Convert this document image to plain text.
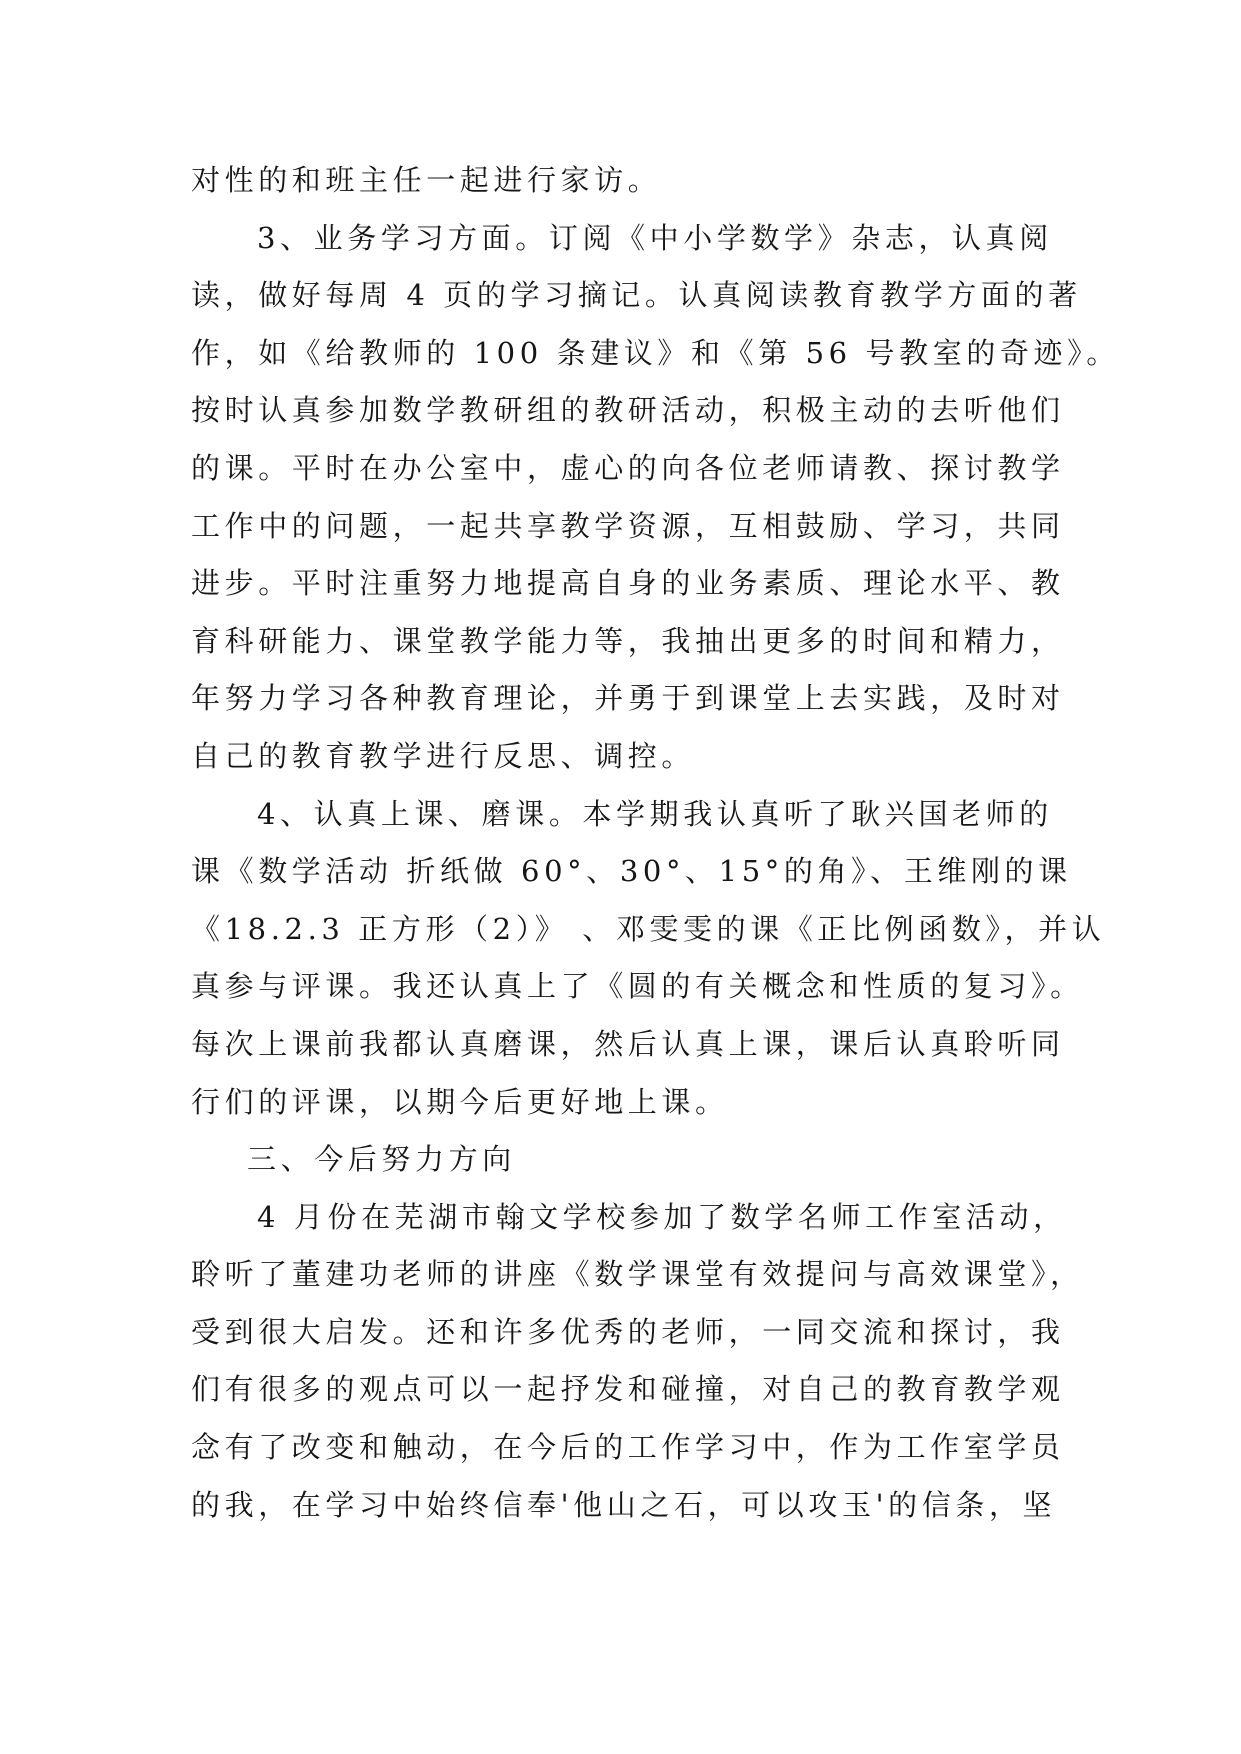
对性的和班主任一起进行家访。
3、业务学习方面。订阅《中小学数学》杂志，认真阅
读，做好每周 4 页的学习摘记。认真阅读教育教学方面的著
作，如《给教师的 100 条建议》和《第 56 号教室的奇迹》。
按时认真参加数学教研组的教研活动，积极主动的去听他们
的课。平时在办公室中，虚心的向各位老师请教、探讨教学
工作中的问题，一起共享教学资源，互相鼓励、学习，共同
进步。平时注重努力地提高自身的业务素质、理论水平、教
育科研能力、课堂教学能力等，我抽出更多的时间和精力，
年努力学习各种教育理论，并勇于到课堂上去实践，及时对
自己的教育教学进行反思、调控。
4、认真上课、磨课。本学期我认真听了耿兴国老师的
课《数学活动 折纸做 60°、30°、15°的角》、王维刚的课
《18.2.3 正方形（2）》 、邓雯雯的课《正比例函数》，并认
真参与评课。我还认真上了《圆的有关概念和性质的复习》。
每次上课前我都认真磨课，然后认真上课，课后认真聆听同
行们的评课，以期今后更好地上课。
三、今后努力方向
4 月份在芜湖市翰文学校参加了数学名师工作室活动，
聆听了董建功老师的讲座《数学课堂有效提问与高效课堂》，
受到很大启发。还和许多优秀的老师，一同交流和探讨，我
们有很多的观点可以一起抒发和碰撞，对自己的教育教学观
念有了改变和触动，在今后的工作学习中，作为工作室学员
的我，在学习中始终信奉'他山之石，可以攻玉'的信条，坚
